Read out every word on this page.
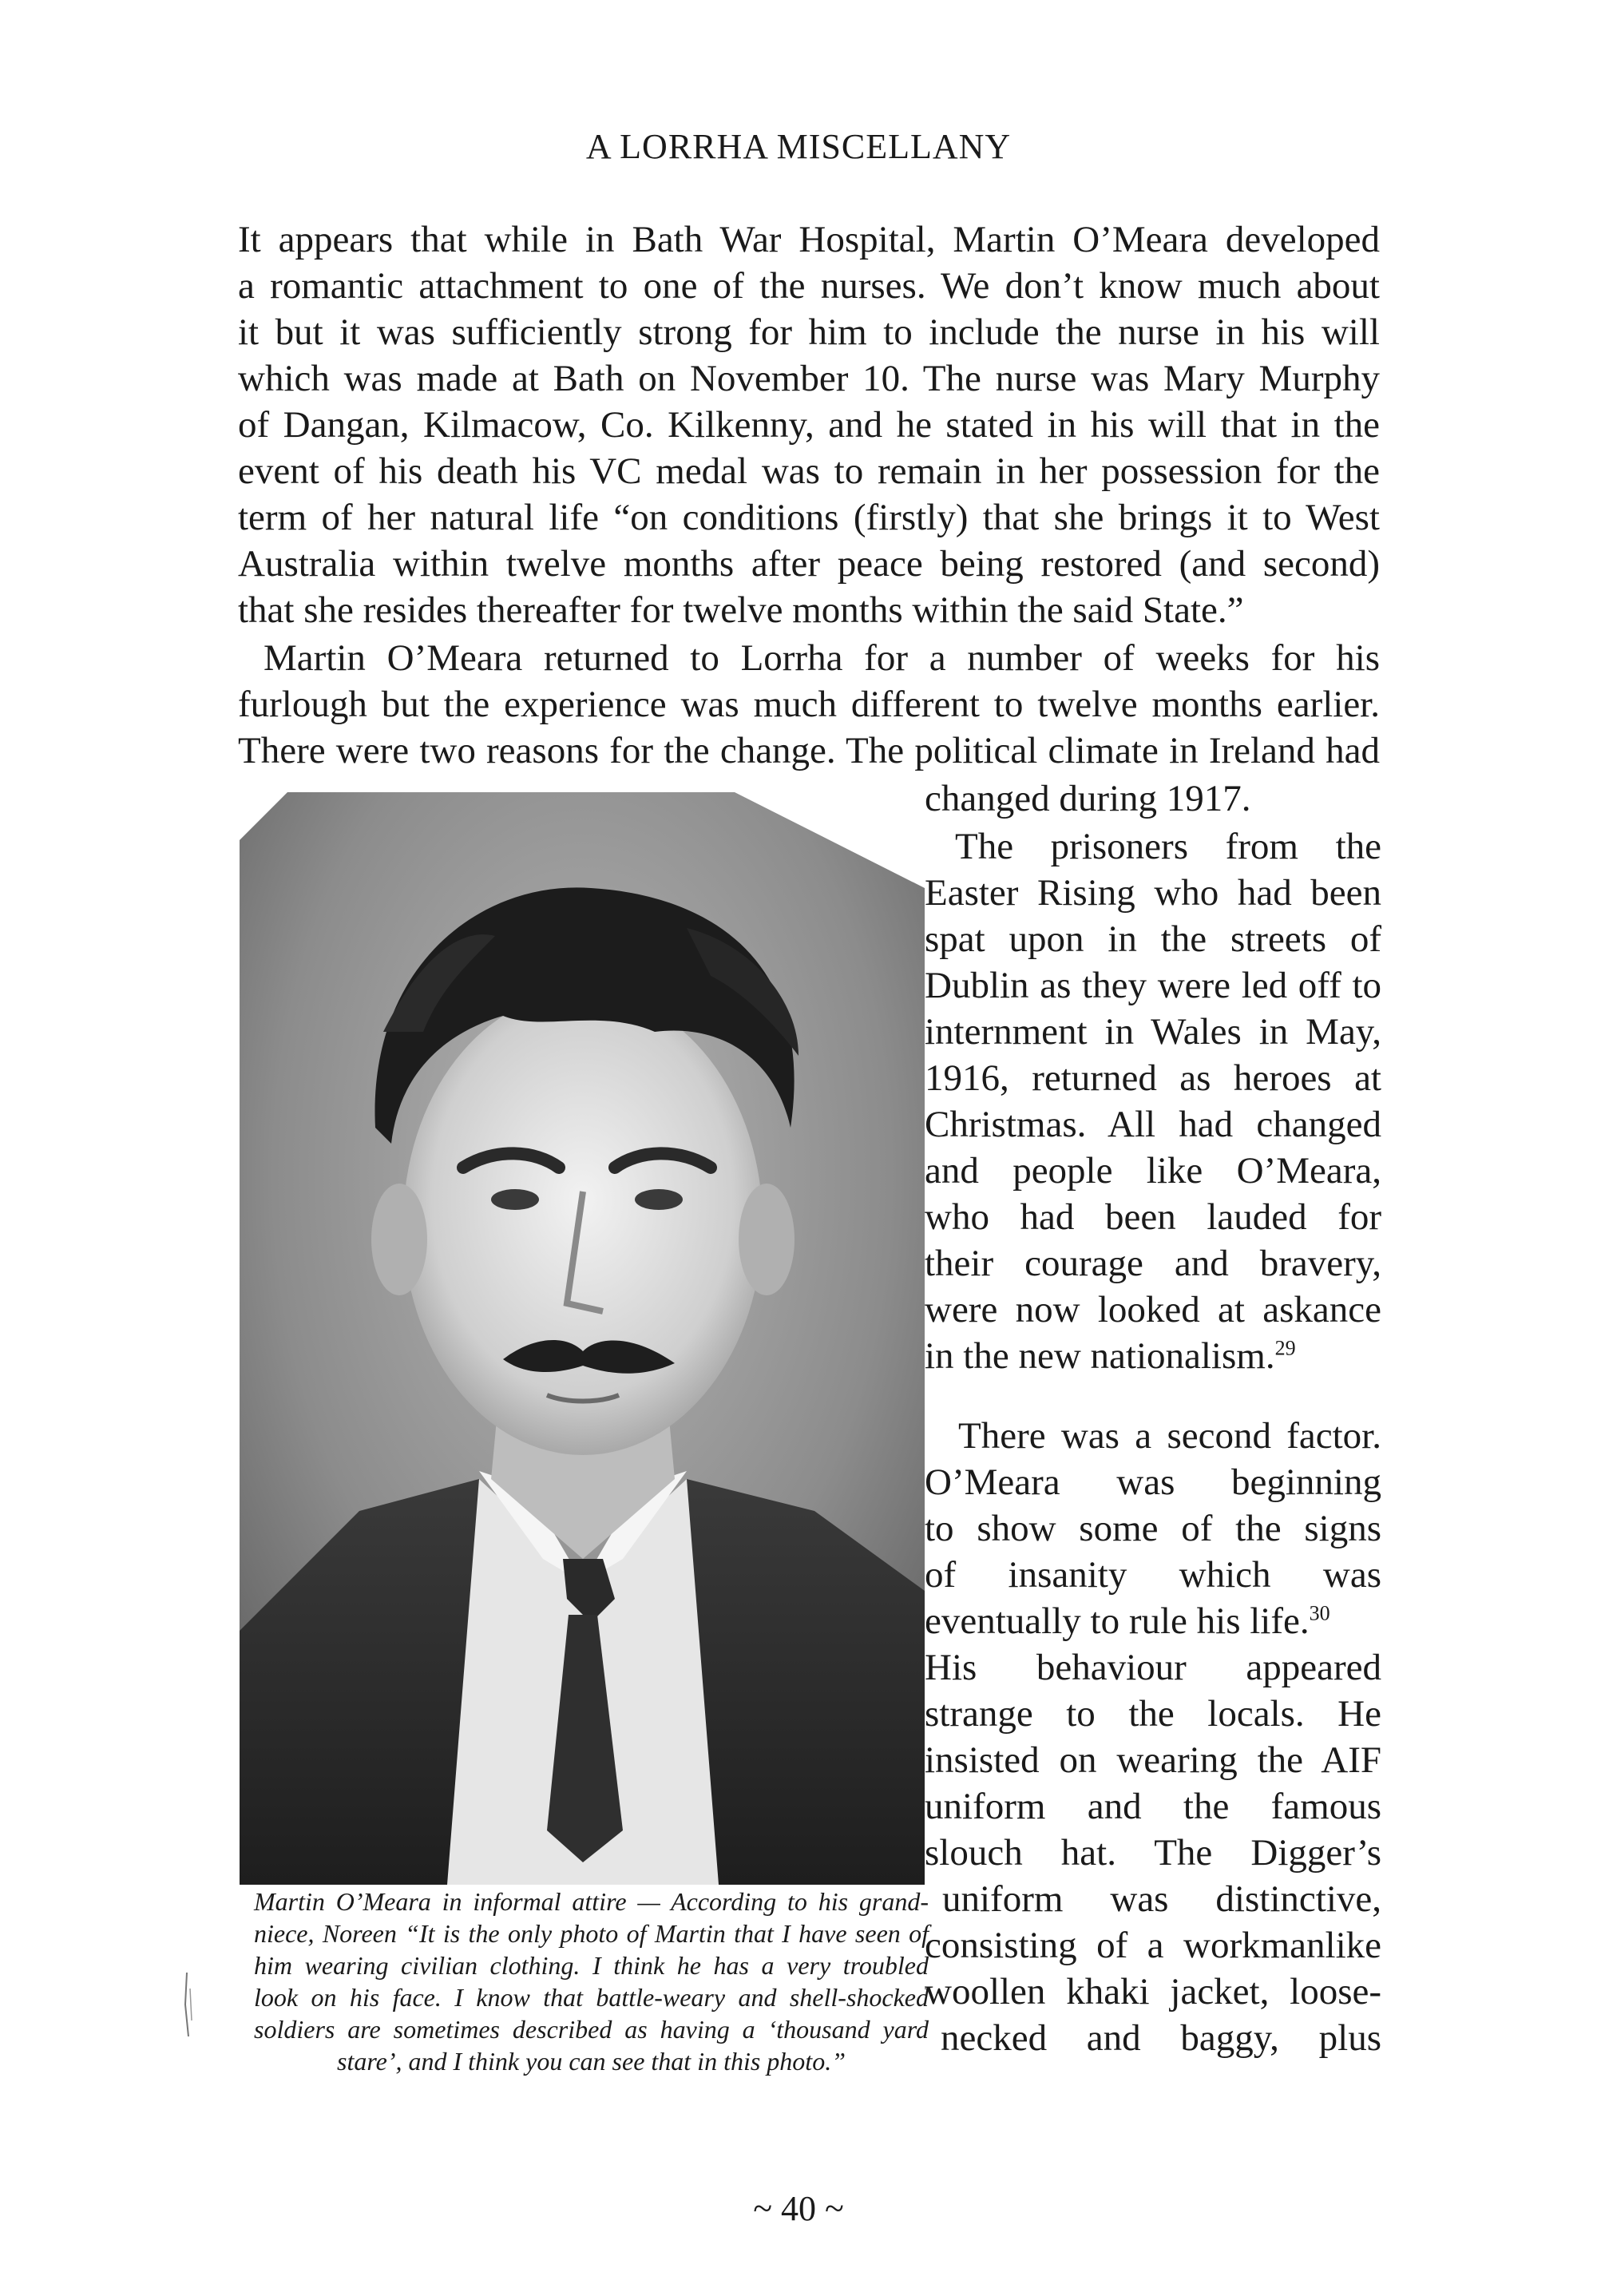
A LORRHA MISCELLANY
It appears that while in Bath War Hospital, Martin O’Meara developed
a romantic attachment to one of the nurses. We don’t know much about
it but it was sufficiently strong for him to include the nurse in his will
which was made at Bath on November 10. The nurse was Mary Murphy
of Dangan, Kilmacow, Co. Kilkenny, and he stated in his will that in the
event of his death his VC medal was to remain in her possession for the
term of her natural life “on conditions (firstly) that she brings it to West
Australia within twelve months after peace being restored (and second)
that she resides thereafter for twelve months within the said State.”
Martin O’Meara returned to Lorrha for a number of weeks for his
furlough but the experience was much different to twelve months earlier.
There were two reasons for the change. The political climate in Ireland had
changed during 1917.
The prisoners from the
Easter Rising who had been
spat upon in the streets of
Dublin as they were led off to
internment in Wales in May,
1916, returned as heroes at
Christmas. All had changed
and people like O’Meara,
who had been lauded for
their courage and bravery,
were now looked at askance
in the new nationalism.$^{29}$
There was a second factor.
O’Meara was beginning
to show some of the signs
of insanity which was
eventually to rule his life.$^{30}$
His behaviour appeared
strange to the locals. He
insisted on wearing the AIF
uniform and the famous
slouch hat. The Digger’s
uniform was distinctive,
consisting of a workmanlike
woollen khaki jacket, loose-
necked and baggy, plus
Martin O’Meara in informal attire — According to his grand-
niece, Noreen “It is the only photo of Martin that I have seen of
him wearing civilian clothing. I think he has a very troubled
look on his face. I know that battle-weary and shell-shocked
soldiers are sometimes described as having a ‘thousand yard
stare’, and I think you can see that in this photo.”
~ 40 ~
